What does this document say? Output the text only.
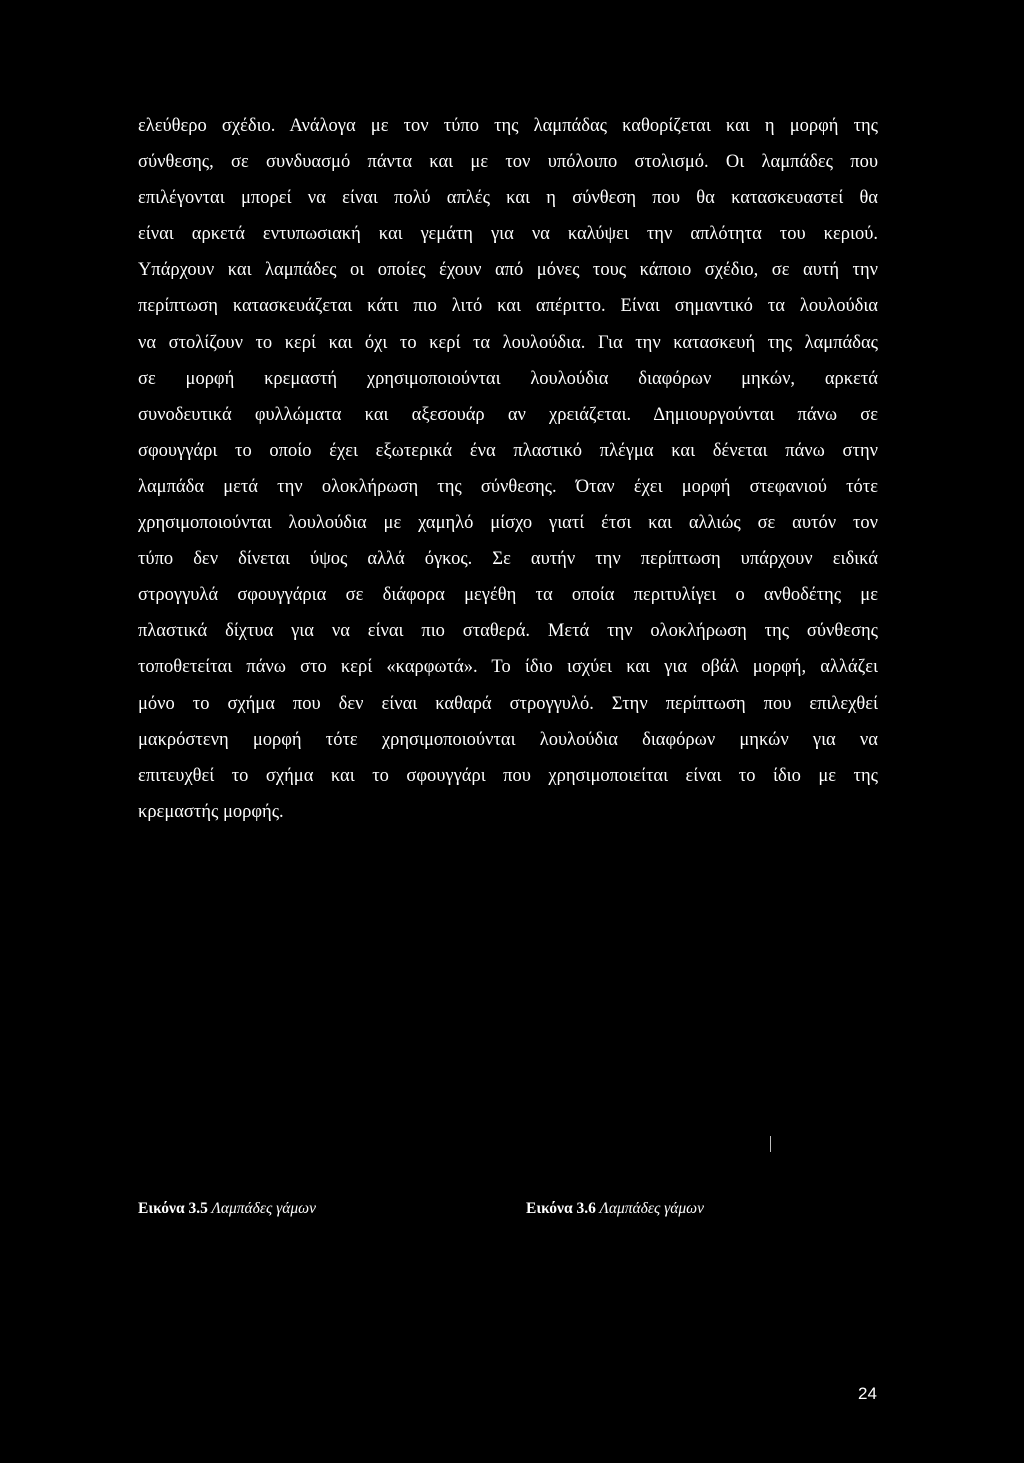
ελεύθερο σχέδιο. Ανάλογα με τον τύπο της λαμπάδας καθορίζεται και η μορφή της
σύνθεσης, σε συνδυασμό πάντα και με τον υπόλοιπο στολισμό. Οι λαμπάδες που
επιλέγονται μπορεί να είναι πολύ απλές και η σύνθεση που θα κατασκευαστεί θα
είναι αρκετά εντυπωσιακή και γεμάτη για να καλύψει την απλότητα του κεριού.
Υπάρχουν και λαμπάδες οι οποίες έχουν από μόνες τους κάποιο σχέδιο, σε αυτή την
περίπτωση κατασκευάζεται κάτι πιο λιτό και απέριττο. Είναι σημαντικό τα λουλούδια
να στολίζουν το κερί και όχι το κερί τα λουλούδια. Για την κατασκευή της λαμπάδας
σε μορφή κρεμαστή χρησιμοποιούνται λουλούδια διαφόρων μηκών, αρκετά
συνοδευτικά φυλλώματα και αξεσουάρ αν χρειάζεται. Δημιουργούνται πάνω σε
σφουγγάρι το οποίο έχει εξωτερικά ένα πλαστικό πλέγμα και δένεται πάνω στην
λαμπάδα μετά την ολοκλήρωση της σύνθεσης. Όταν έχει μορφή στεφανιού τότε
χρησιμοποιούνται λουλούδια με χαμηλό μίσχο γιατί έτσι και αλλιώς σε αυτόν τον
τύπο δεν δίνεται ύψος αλλά όγκος. Σε αυτήν την περίπτωση υπάρχουν ειδικά
στρογγυλά σφουγγάρια σε διάφορα μεγέθη τα οποία περιτυλίγει ο ανθοδέτης με
πλαστικά δίχτυα για να είναι πιο σταθερά. Μετά την ολοκλήρωση της σύνθεσης
τοποθετείται πάνω στο κερί «καρφωτά». Το ίδιο ισχύει και για οβάλ μορφή, αλλάζει
μόνο το σχήμα που δεν είναι καθαρά στρογγυλό. Στην περίπτωση που επιλεχθεί
μακρόστενη μορφή τότε χρησιμοποιούνται λουλούδια διαφόρων μηκών για να
επιτευχθεί το σχήμα και το σφουγγάρι που χρησιμοποιείται είναι το ίδιο με της
κρεμαστής μορφής.
Εικόνα 3.5 Λαμπάδες γάμων	Εικόνα 3.6 Λαμπάδες γάμων
24
